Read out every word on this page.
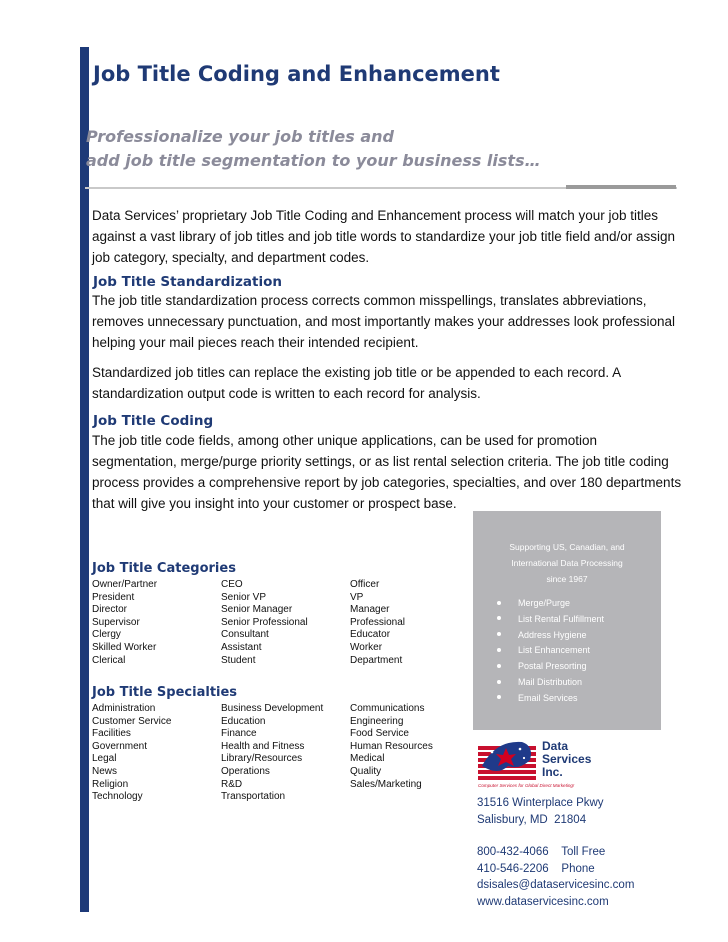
Job Title Coding and Enhancement
Professionalize your job titles and
add job title segmentation to your business lists…

Data Services’ proprietary Job Title Coding and Enhancement process will match your job titles against a vast library of job titles and job title words to standardize your job title field and/or assign job category, specialty, and department codes.

Job Title Standardization

The job title standardization process corrects common misspellings, translates abbreviations, removes unnecessary punctuation, and most importantly makes your addresses look professional helping your mail pieces reach their intended recipient.

Standardized job titles can replace the existing job title or be appended to each record. A standardization output code is written to each record for analysis.

Job Title Coding

The job title code fields, among other unique applications, can be used for promotion segmentation, merge/purge priority settings, or as list rental selection criteria. The job title coding process provides a comprehensive report by job categories, specialties, and over 180 departments that will give you insight into your customer or prospect base.

Job Title Categories
Owner/Partner	CEO	Officer
President	Senior VP	VP
Director	Senior Manager	Manager
Supervisor	Senior Professional	Professional
Clergy	Consultant	Educator
Skilled Worker	Assistant	Worker
Clerical	Student	Department
Job Title Specialties
Administration	Business Development	Communications
Customer Service	Education	Engineering
Facilities	Finance	Food Service
Government	Health and Fitness	Human Resources
Legal	Library/Resources	Medical
News	Operations	Quality
Religion	R&D	Sales/Marketing
Technology	Transportation
Supporting US, Canadian, and
International Data Processing
since 1967
Merge/Purge
List Rental Fulfillment
Address Hygiene
List Enhancement
Postal Presorting
Mail Distribution
Email Services
Data
Services
Inc.
Computer Services for Global Direct Marketing!
31516 Winterplace Pkwy
Salisbury, MD  21804
800-432-4066    Toll Free
410-546-2206    Phone
dsisales@dataservicesinc.com
www.dataservicesinc.com
